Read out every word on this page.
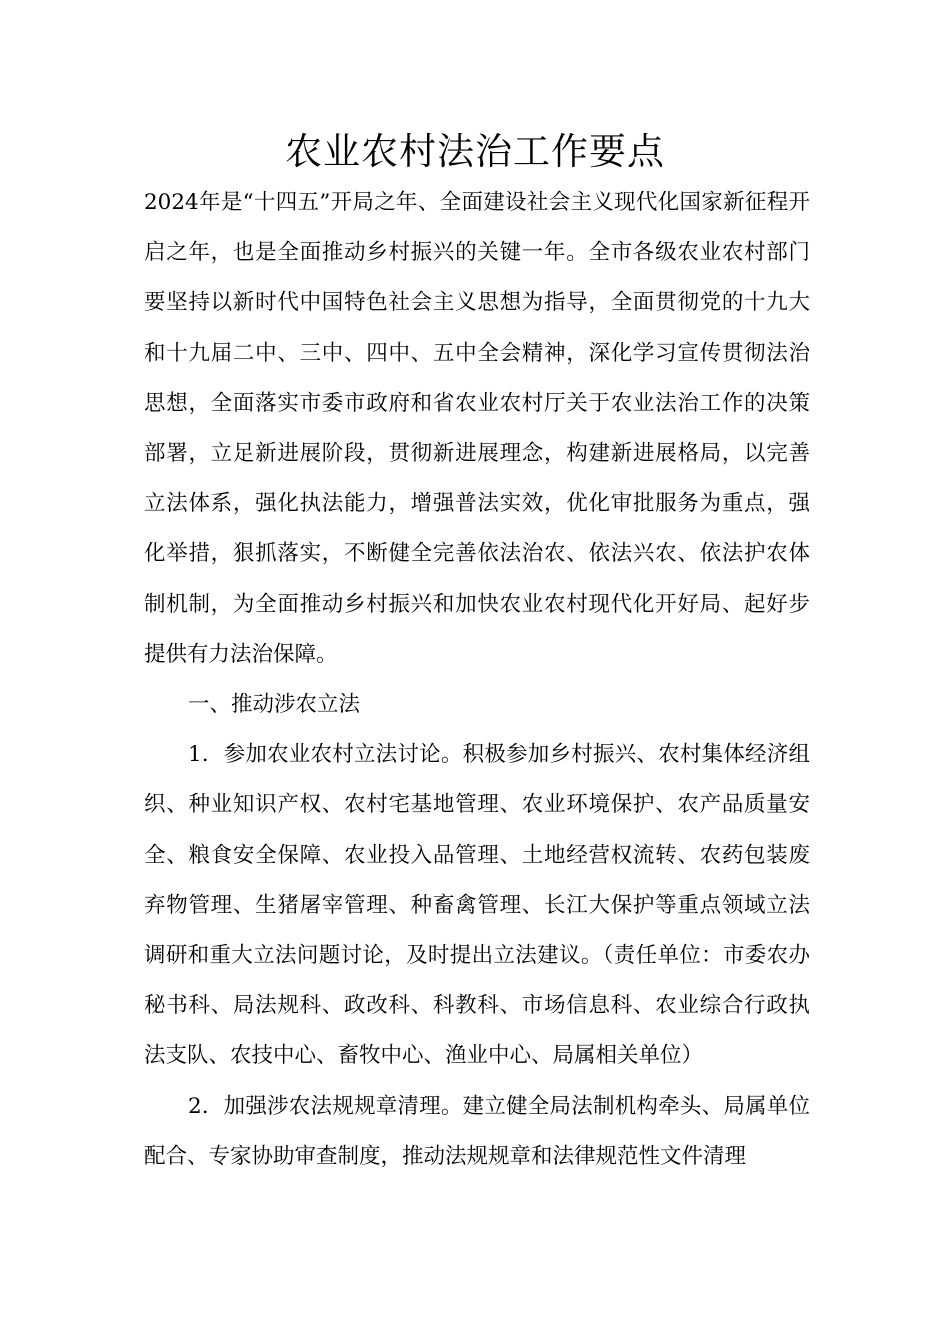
农业农村法治工作要点

2024年是“十四五”开局之年、全面建设社会主义现代化国家新征程开启之年，也是全面推动乡村振兴的关键一年。全市各级农业农村部门要坚持以新时代中国特色社会主义思想为指导，全面贯彻党的十九大和十九届二中、三中、四中、五中全会精神，深化学习宣传贯彻法治思想，全面落实市委市政府和省农业农村厅关于农业法治工作的决策部署，立足新进展阶段，贯彻新进展理念，构建新进展格局，以完善立法体系，强化执法能力，增强普法实效，优化审批服务为重点，强化举措，狠抓落实，不断健全完善依法治农、依法兴农、依法护农体制机制，为全面推动乡村振兴和加快农业农村现代化开好局、起好步提供有力法治保障。

一、推动涉农立法

1．参加农业农村立法讨论。积极参加乡村振兴、农村集体经济组织、种业知识产权、农村宅基地管理、农业环境保护、农产品质量安全、粮食安全保障、农业投入品管理、土地经营权流转、农药包装废弃物管理、生猪屠宰管理、种畜禽管理、长江大保护等重点领域立法调研和重大立法问题讨论，及时提出立法建议。（责任单位：市委农办秘书科、局法规科、政改科、科教科、市场信息科、农业综合行政执法支队、农技中心、畜牧中心、渔业中心、局属相关单位）

2．加强涉农法规规章清理。建立健全局法制机构牵头、局属单位配合、专家协助审查制度，推动法规规章和法律规范性文件清理
